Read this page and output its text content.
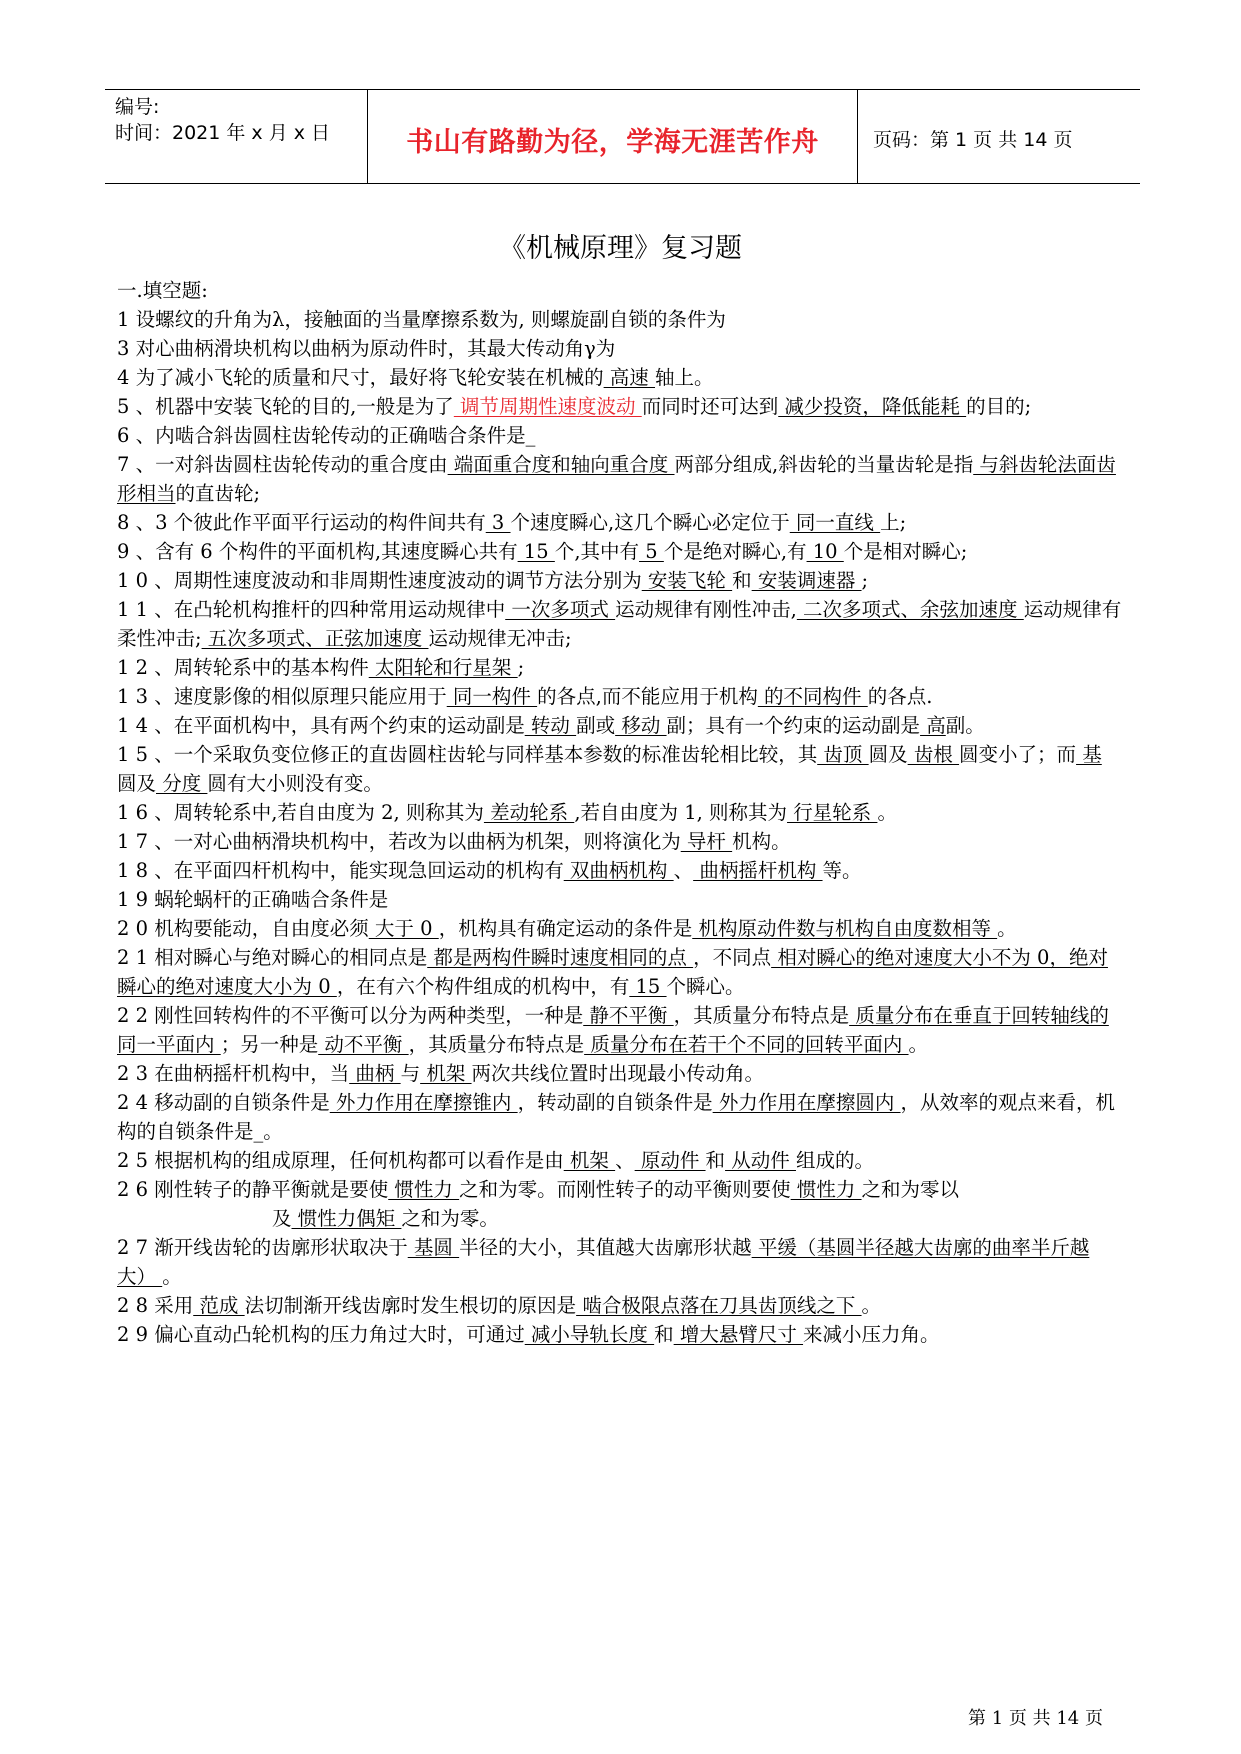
编号:
时间：2021 年 x 月 x 日	书山有路勤为径，学海无涯苦作舟	页码：第 1 页 共 14 页
《机械原理》复习题

一.填空题:

1 设螺纹的升角为λ，接触面的当量摩擦系数为, 则螺旋副自锁的条件为

3 对心曲柄滑块机构以曲柄为原动件时，其最大传动角γ为

4 为了减小飞轮的质量和尺寸，最好将飞轮安装在机械的 高速 轴上。

5 、机器中安装飞轮的目的,一般是为了 调节周期性速度波动 而同时还可达到 减少投资，降低能耗 的目的;

6 、内啮合斜齿圆柱齿轮传动的正确啮合条件是_

7 、一对斜齿圆柱齿轮传动的重合度由 端面重合度和轴向重合度 两部分组成,斜齿轮的当量齿轮是指 与斜齿轮法面齿形相当的直齿轮;

8 、3 个彼此作平面平行运动的构件间共有 3 个速度瞬心,这几个瞬心必定位于 同一直线 上;

9 、含有 6 个构件的平面机构,其速度瞬心共有 15 个,其中有 5 个是绝对瞬心,有 10 个是相对瞬心;

1 0 、周期性速度波动和非周期性速度波动的调节方法分别为 安装飞轮 和 安装调速器 ;

1 1 、在凸轮机构推杆的四种常用运动规律中 一次多项式 运动规律有刚性冲击, 二次多项式、余弦加速度 运动规律有柔性冲击; 五次多项式、正弦加速度 运动规律无冲击;

1 2 、周转轮系中的基本构件 太阳轮和行星架 ;

1 3 、速度影像的相似原理只能应用于 同一构件 的各点,而不能应用于机构 的不同构件 的各点.

1 4 、在平面机构中，具有两个约束的运动副是 转动 副或 移动 副；具有一个约束的运动副是 高副。

1 5 、一个采取负变位修正的直齿圆柱齿轮与同样基本参数的标准齿轮相比较，其 齿顶 圆及 齿根 圆变小了；而 基 圆及 分度 圆有大小则没有变。

1 6 、周转轮系中,若自由度为 2, 则称其为 差动轮系 ,若自由度为 1, 则称其为 行星轮系 。

1 7 、一对心曲柄滑块机构中，若改为以曲柄为机架，则将演化为 导杆 机构。

1 8 、在平面四杆机构中，能实现急回运动的机构有 双曲柄机构 、 曲柄摇杆机构 等。

1 9 蜗轮蜗杆的正确啮合条件是

2 0 机构要能动，自由度必须 大于 0 ，机构具有确定运动的条件是 机构原动件数与机构自由度数相等 。

2 1 相对瞬心与绝对瞬心的相同点是 都是两构件瞬时速度相同的点 ，不同点 相对瞬心的绝对速度大小不为 0，绝对瞬心的绝对速度大小为 0 ，在有六个构件组成的机构中，有 15 个瞬心。

2 2 刚性回转构件的不平衡可以分为两种类型，一种是 静不平衡 ，其质量分布特点是 质量分布在垂直于回转轴线的同一平面内 ；另一种是 动不平衡 ，其质量分布特点是 质量分布在若干个不同的回转平面内 。

2 3 在曲柄摇杆机构中，当 曲柄 与 机架 两次共线位置时出现最小传动角。

2 4 移动副的自锁条件是 外力作用在摩擦锥内 ，转动副的自锁条件是 外力作用在摩擦圆内 ，从效率的观点来看，机构的自锁条件是_。

2 5 根据机构的组成原理，任何机构都可以看作是由 机架 、 原动件 和 从动件 组成的。

2 6 刚性转子的静平衡就是要使 惯性力 之和为零。而刚性转子的动平衡则要使 惯性力 之和为零以

及 惯性力偶矩 之和为零。

2 7 渐开线齿轮的齿廓形状取决于 基圆 半径的大小，其值越大齿廓形状越 平缓（基圆半径越大齿廓的曲率半斤越大） 。

2 8 采用 范成 法切制渐开线齿廓时发生根切的原因是 啮合极限点落在刀具齿顶线之下 。

2 9 偏心直动凸轮机构的压力角过大时，可通过 减小导轨长度 和 增大悬臂尺寸 来减小压力角。

第 1 页 共 14 页
